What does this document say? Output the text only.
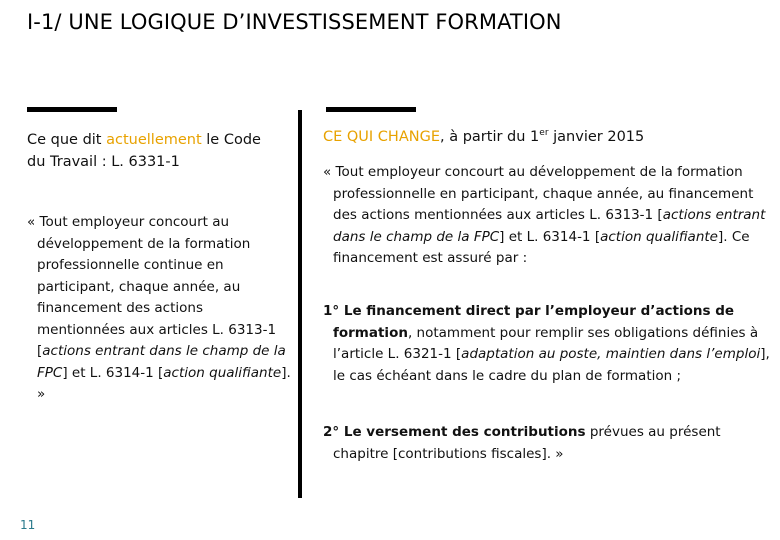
I-1/ UNE LOGIQUE D’INVESTISSEMENT FORMATION
Ce que dit actuellement le Code du Travail : L. 6331-1

« Tout employeur concourt au développement de la formation professionnelle continue en participant, chaque année, au financement des actions mentionnées aux articles L. 6313-1 [actions entrant dans le champ de la FPC] et L. 6314-1 [action qualifiante]. »

CE QUI CHANGE, à partir du 1er janvier 2015

« Tout employeur concourt au développement de la formation professionnelle en participant, chaque année, au financement des actions mentionnées aux articles L. 6313-1 [actions entrant dans le champ de la FPC] et L. 6314-1 [action qualifiante]. Ce financement est assuré par :

1° Le financement direct par l’employeur d’actions de formation, notamment pour remplir ses obligations définies à l’article L. 6321-1 [adaptation au poste, maintien dans l’emploi], le cas échéant dans le cadre du plan de formation ;

2° Le versement des contributions prévues au présent chapitre [contributions fiscales]. »

11
